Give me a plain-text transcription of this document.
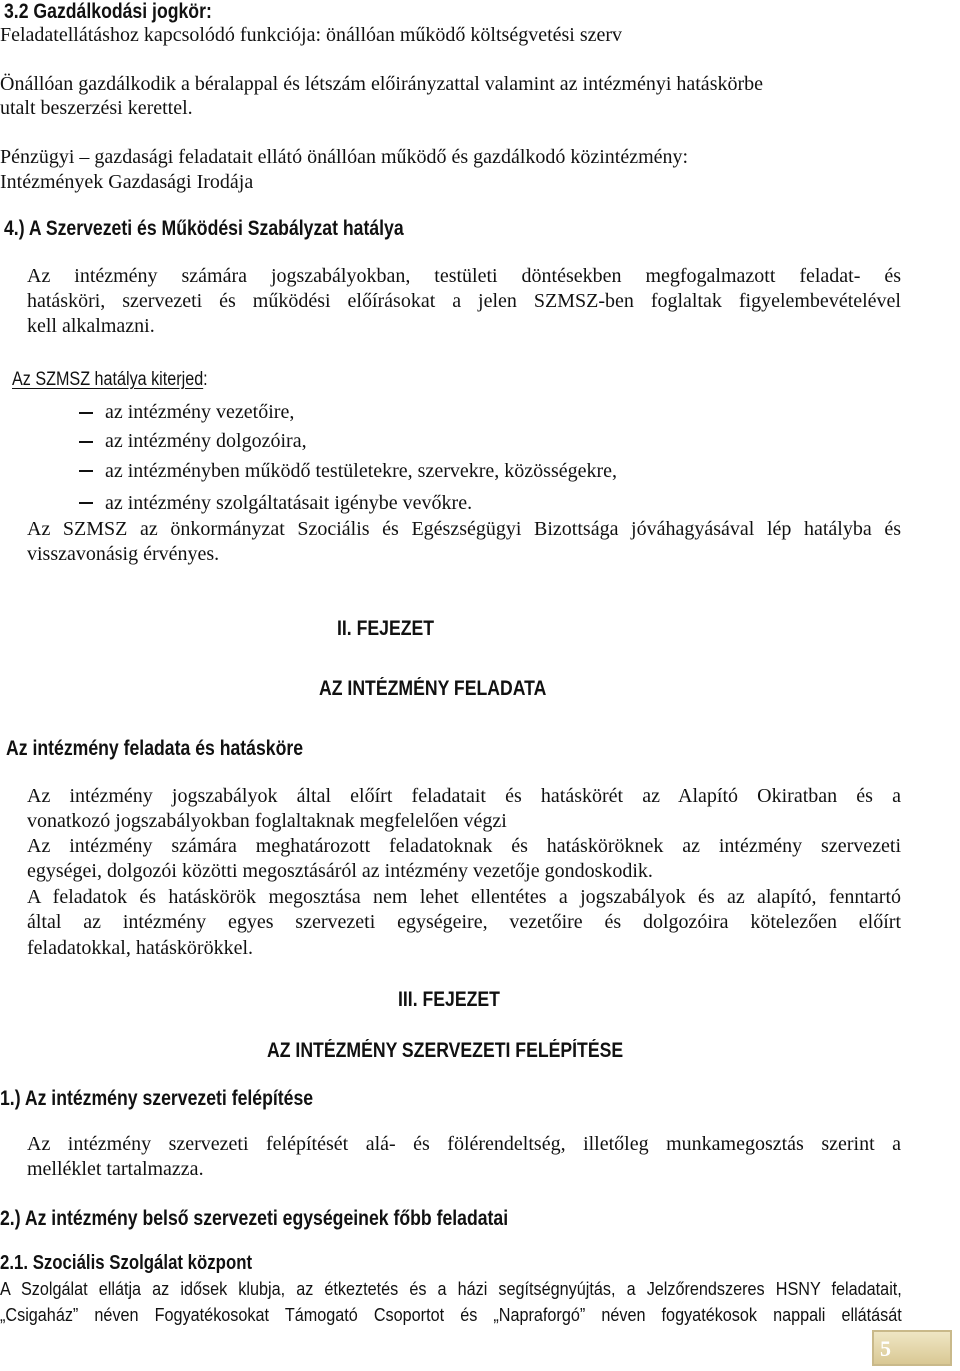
3.2 Gazdálkodási jogkör:
Feladatellátáshoz kapcsolódó funkciója: önállóan működő költségvetési szerv
Önállóan gazdálkodik a béralappal és létszám előirányzattal valamint az intézményi hatáskörbe
utalt beszerzési kerettel.
Pénzügyi – gazdasági feladatait ellátó önállóan működő és gazdálkodó közintézmény:
Intézmények Gazdasági Irodája
4.) A Szervezeti és Működési Szabályzat hatálya
Az intézmény számára jogszabályokban, testületi döntésekben megfogalmazott feladat- és
hatásköri, szervezeti és működési előírásokat a jelen SZMSZ-ben foglaltak figyelembevételével
kell alkalmazni.
Az SZMSZ hatálya kiterjed:
az intézmény vezetőire,
az intézmény dolgozóira,
az intézményben működő testületekre, szervekre, közösségekre,
az intézmény szolgáltatásait igénybe vevőkre.
Az SZMSZ az önkormányzat Szociális és Egészségügyi Bizottsága jóváhagyásával lép hatályba és
visszavonásig érvényes.
II. FEJEZET
AZ INTÉZMÉNY FELADATA
Az intézmény feladata és hatásköre
Az intézmény jogszabályok által előírt feladatait és hatáskörét az Alapító Okiratban és a
vonatkozó jogszabályokban foglaltaknak megfelelően végzi
Az intézmény számára meghatározott feladatoknak és hatásköröknek az intézmény szervezeti
egységei, dolgozói közötti megosztásáról az intézmény vezetője gondoskodik.
A feladatok és hatáskörök megosztása nem lehet ellentétes a jogszabályok és az alapító, fenntartó
által az intézmény egyes szervezeti egységeire, vezetőire és dolgozóira kötelezően előírt
feladatokkal, hatáskörökkel.
III. FEJEZET
AZ INTÉZMÉNY SZERVEZETI FELÉPÍTÉSE
1.) Az intézmény szervezeti felépítése
Az intézmény szervezeti felépítését alá- és fölérendeltség, illetőleg munkamegosztás szerint a
melléklet tartalmazza.
2.) Az intézmény belső szervezeti egységeinek főbb feladatai
2.1. Szociális Szolgálat központ
A Szolgálat ellátja az idősek klubja, az étkeztetés és a házi segítségnyújtás, a Jelzőrendszeres HSNY feladatait,
„Csigaház” néven Fogyatékosokat Támogató Csoportot és „Napraforgó” néven fogyatékosok nappali ellátását
5
